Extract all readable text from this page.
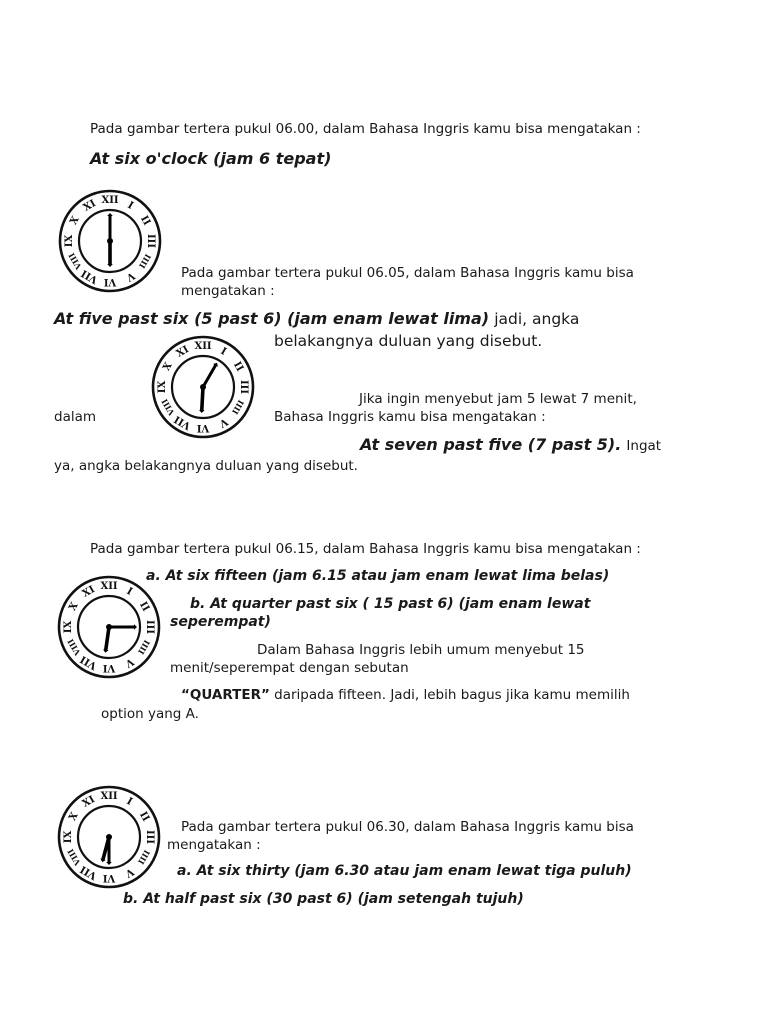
Pada gambar tertera pukul 06.00, dalam Bahasa Inggris kamu bisa mengatakan :
At six o'clock (jam 6 tepat)
XII I
II
III
IIII
V
VI
VII
VIII
IX
X
XI
Pada gambar tertera pukul 06.05, dalam Bahasa Inggris kamu bisa
mengatakan :
At five past six (5 past 6) (jam enam lewat lima) jadi, angka
belakangnya duluan yang disebut.
XII I
II
III
IIII
V
VI
VII
VIII
IX
X
XI
Jika ingin menyebut jam 5 lewat 7 menit,
dalam	Bahasa Inggris kamu bisa mengatakan :
At seven past five (7 past 5). Ingat
ya, angka belakangnya duluan yang disebut.
Pada gambar tertera pukul 06.15, dalam Bahasa Inggris kamu bisa mengatakan :
a. At six fifteen (jam 6.15 atau jam enam lewat lima belas)
b. At quarter past six ( 15 past 6) (jam enam lewat
seperempat)
XII I
II
III
IIII
V
VI
VII
VIII
IX
X
XI
Dalam Bahasa Inggris lebih umum menyebut 15
menit/seperempat dengan sebutan
“QUARTER” daripada fifteen. Jadi, lebih bagus jika kamu memilih
option yang A.
XII I
II
III
IIII
V
VI
VII
VIII
IX
X
XI
Pada gambar tertera pukul 06.30, dalam Bahasa Inggris kamu bisa
mengatakan :
a. At six thirty (jam 6.30 atau jam enam lewat tiga puluh)
b. At half past six (30 past 6) (jam setengah tujuh)
